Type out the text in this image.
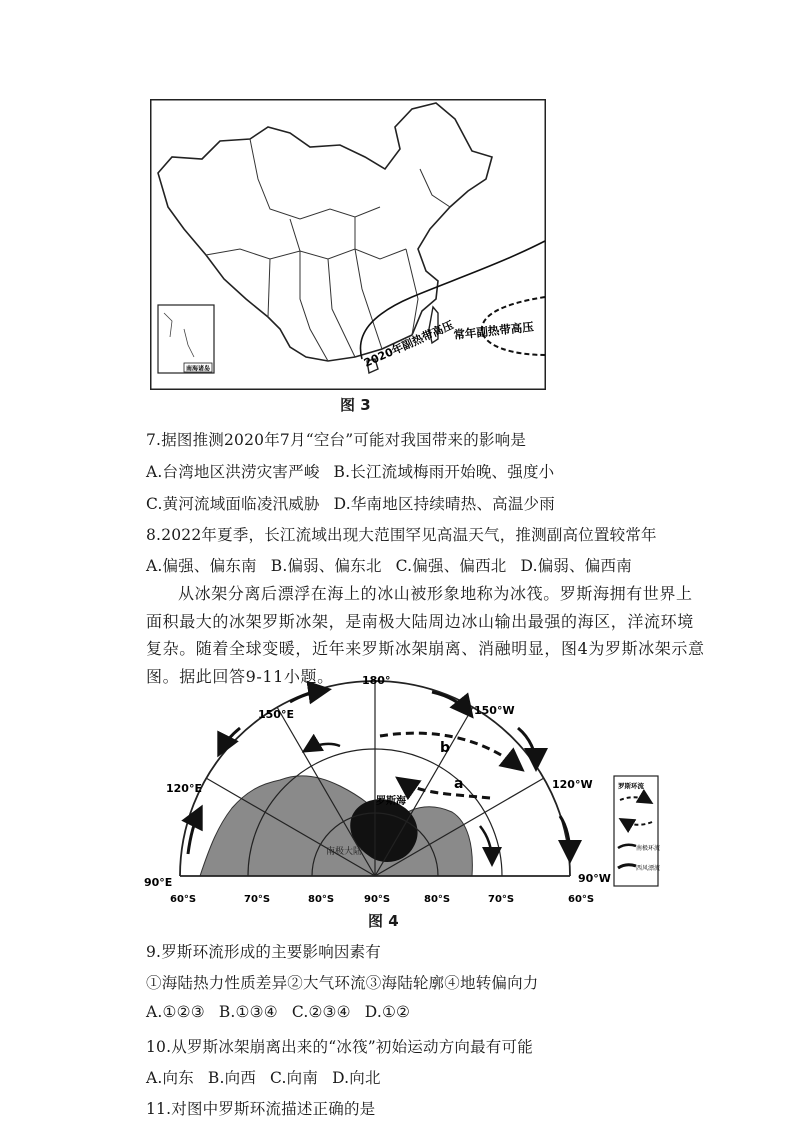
南海诸岛
常年副热带高压
2020年副热带高压
图 3
7.据图推测2020年7月“空台”可能对我国带来的影响是
A.台湾地区洪涝灾害严峻 B.长江流域梅雨开始晚、强度小
C.黄河流域面临凌汛威胁 D.华南地区持续晴热、高温少雨
8.2022年夏季，长江流域出现大范围罕见高温天气，推测副高位置较常年
A.偏强、偏东南 B.偏弱、偏东北 C.偏强、偏西北 D.偏弱、偏西南
从冰架分离后漂浮在海上的冰山被形象地称为冰筏。罗斯海拥有世界上面积最大的冰架罗斯冰架，是南极大陆周边冰山输出最强的海区，洋流环境复杂。随着全球变暖，近年来罗斯冰架崩离、消融明显，图4为罗斯冰架示意图。据此回答9-11小题。	180°
150°E	150°W
120°E	120°W
90°E	90°W
罗斯海
南极大陆
a
b
60°S	70°S	80°S	90°S	80°S	70°S	60°S
罗斯环流
南极环流
西风漂流
图 4
9.罗斯环流形成的主要影响因素有
①海陆热力性质差异②大气环流③海陆轮廓④地转偏向力
A.①②③ B.①③④ C.②③④ D.①②
10.从罗斯冰架崩离出来的“冰筏”初始运动方向最有可能
A.向东 B.向西 C.向南 D.向北
11.对图中罗斯环流描述正确的是
